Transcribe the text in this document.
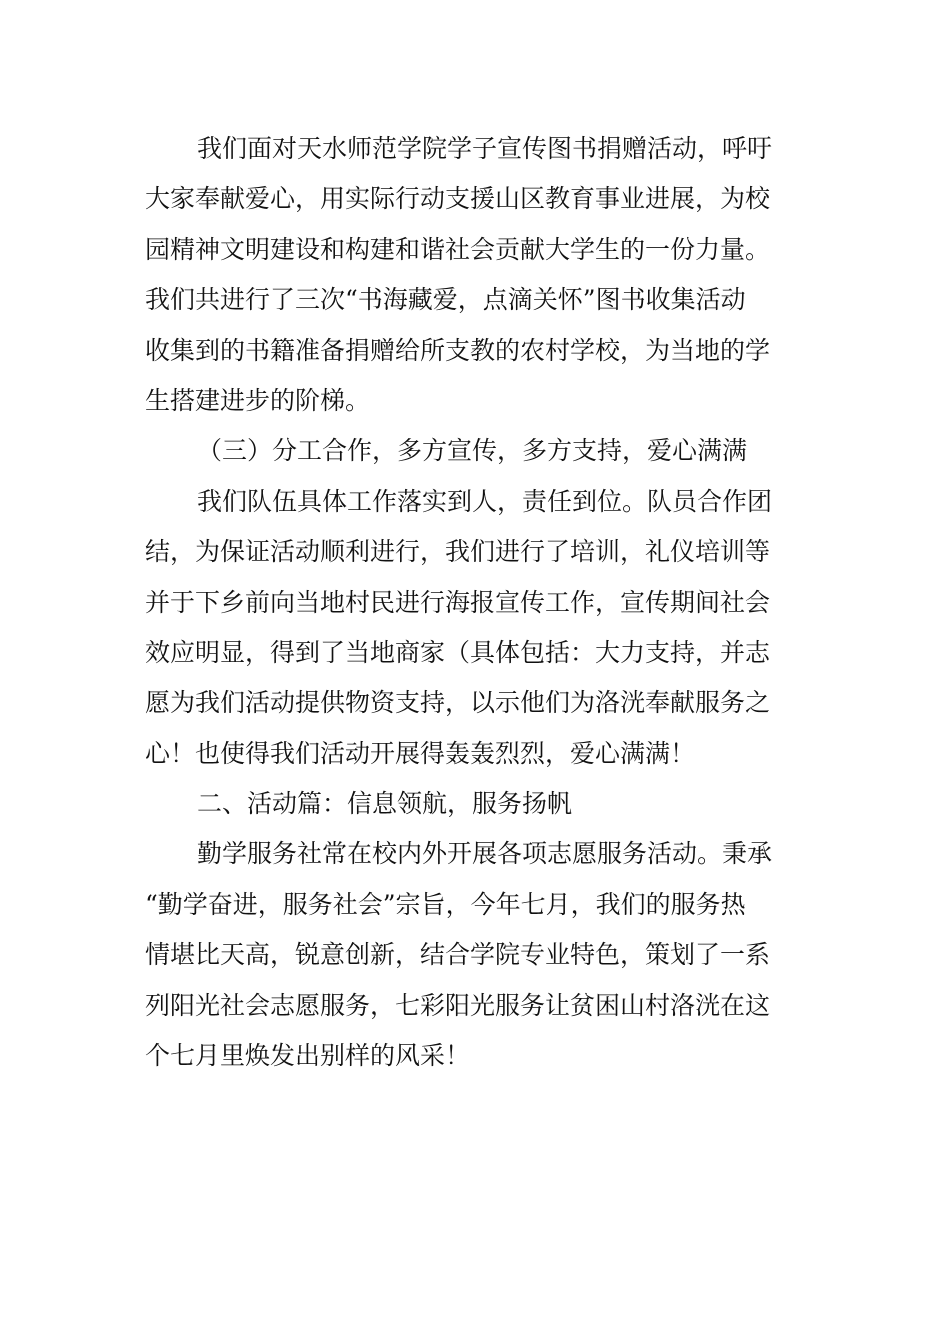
我们面对天水师范学院学子宣传图书捐赠活动，呼吁
大家奉献爱心，用实际行动支援山区教育事业进展，为校
园精神文明建设和构建和谐社会贡献大学生的一份力量。
我们共进行了三次“书海藏爱，点滴关怀”图书收集活动
收集到的书籍准备捐赠给所支教的农村学校，为当地的学
生搭建进步的阶梯。
（三）分工合作，多方宣传，多方支持，爱心满满
我们队伍具体工作落实到人，责任到位。队员合作团
结，为保证活动顺利进行，我们进行了培训，礼仪培训等
并于下乡前向当地村民进行海报宣传工作，宣传期间社会
效应明显，得到了当地商家（具体包括：大力支持，并志
愿为我们活动提供物资支持，以示他们为洛洸奉献服务之
心！也使得我们活动开展得轰轰烈烈，爱心满满！
二、活动篇：信息领航，服务扬帆
勤学服务社常在校内外开展各项志愿服务活动。秉承
“勤学奋进，服务社会”宗旨，今年七月，我们的服务热
情堪比天高，锐意创新，结合学院专业特色，策划了一系
列阳光社会志愿服务，七彩阳光服务让贫困山村洛洸在这
个七月里焕发出别样的风采！
